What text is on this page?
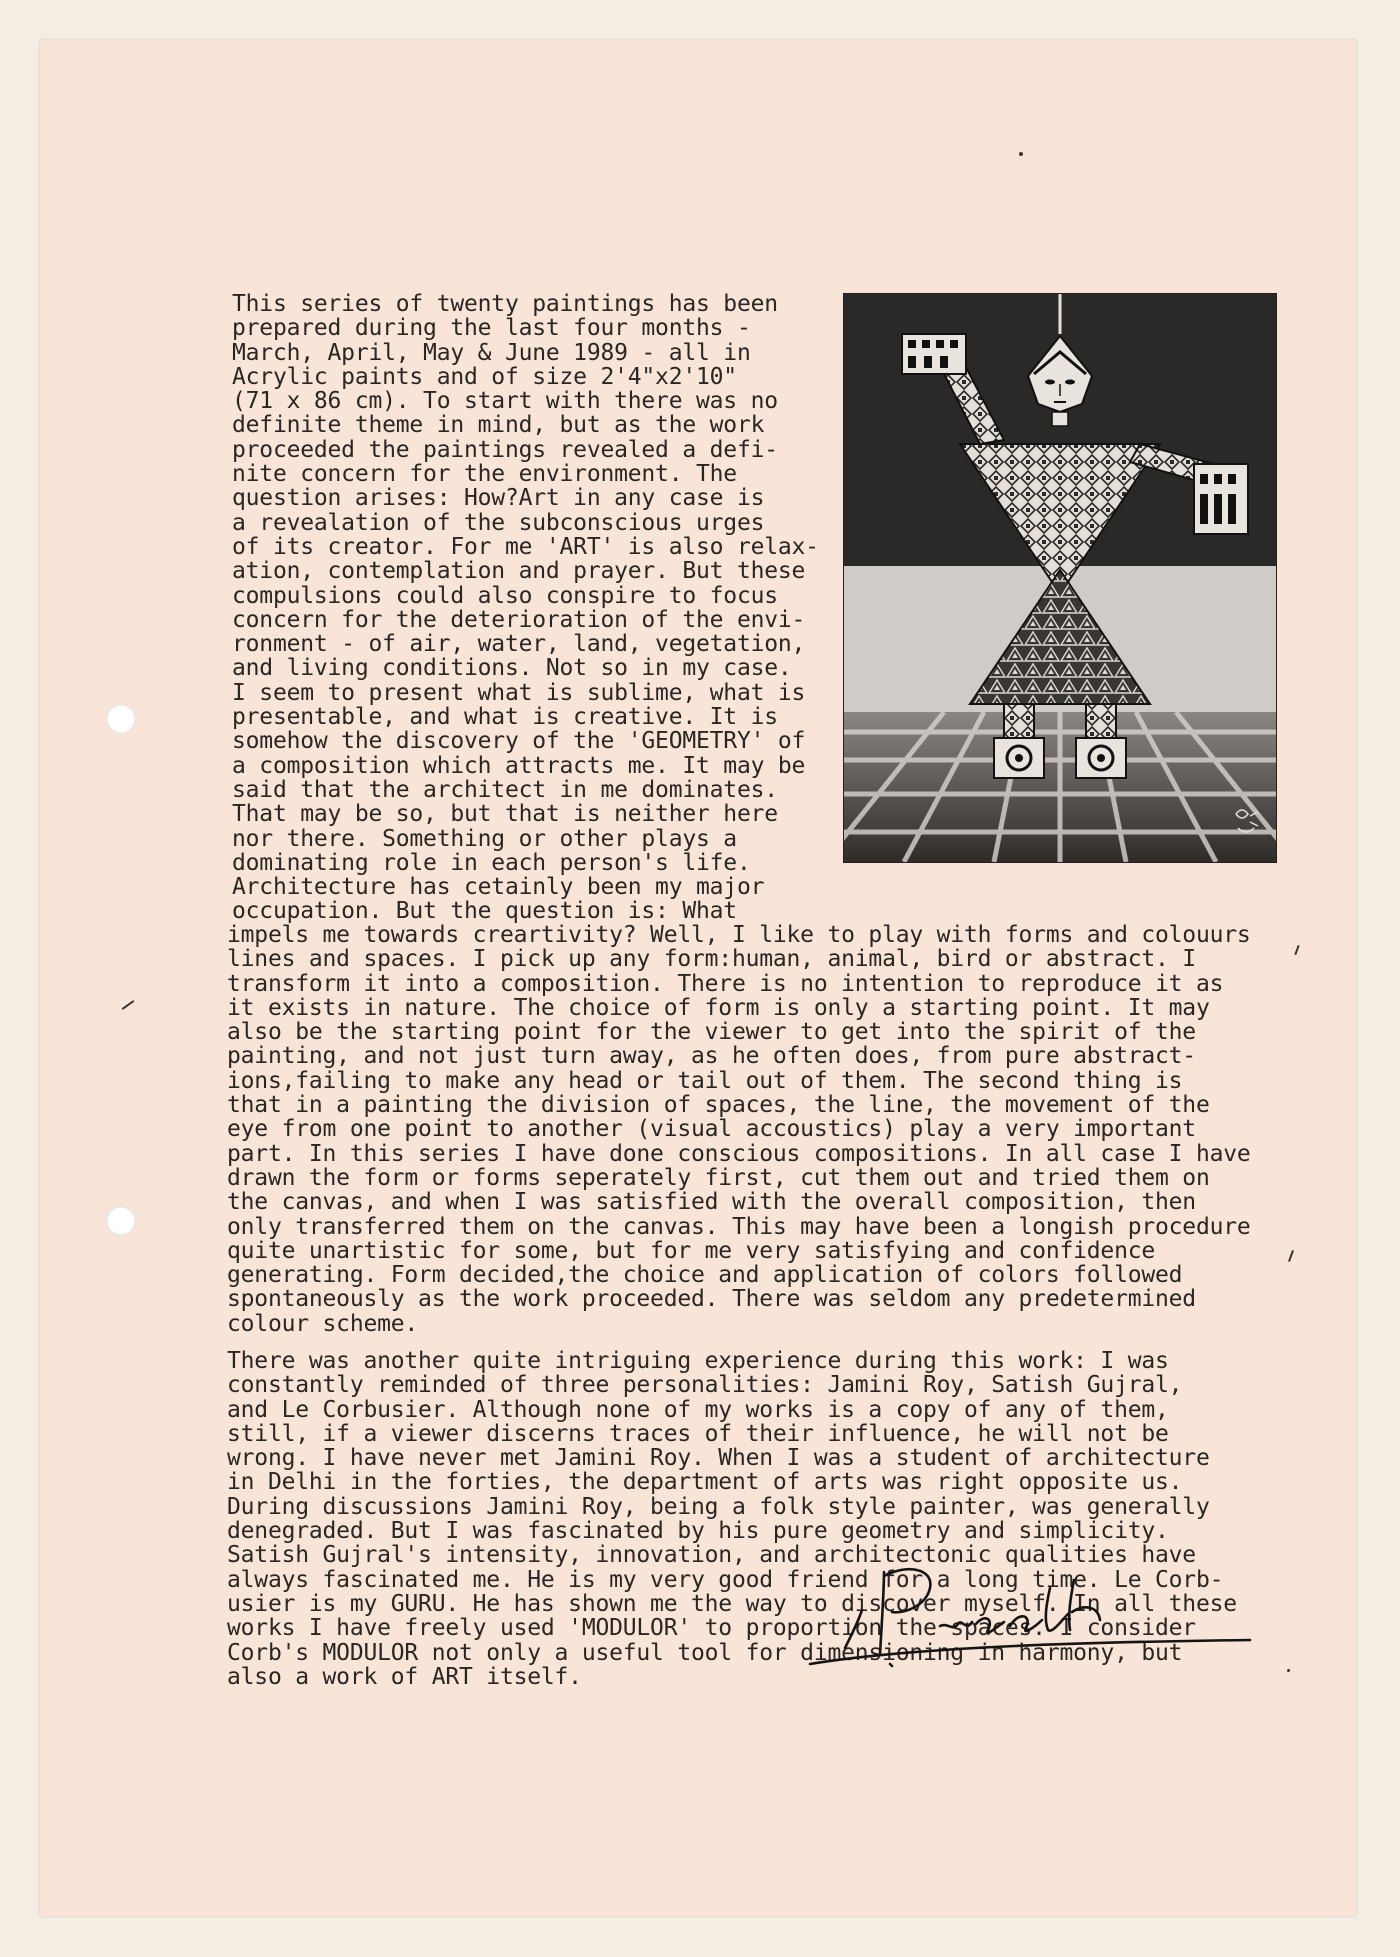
This series of twenty paintings has been
prepared during the last four months -
March, April, May & June 1989 - all in
Acrylic paints and of size 2'4"x2'10"
(71 x 86 cm). To start with there was no
definite theme in mind, but as the work
proceeded the paintings revealed a defi-
nite concern for the environment. The
question arises: How?Art in any case is
a revealation of the subconscious urges
of its creator. For me 'ART' is also relax-
ation, contemplation and prayer. But these
compulsions could also conspire to focus
concern for the deterioration of the envi-
ronment - of air, water, land, vegetation,
and living conditions. Not so in my case.
I seem to present what is sublime, what is
presentable, and what is creative. It is
somehow the discovery of the 'GEOMETRY' of
a composition which attracts me. It may be
said that the architect in me dominates.
That may be so, but that is neither here
nor there. Something or other plays a
dominating role in each person's life.
Architecture has cetainly been my major
occupation. But the question is: What
impels me towards creartivity? Well, I like to play with forms and colouurs
lines and spaces. I pick up any form:human, animal, bird or abstract. I
transform it into a composition. There is no intention to reproduce it as
it exists in nature. The choice of form is only a starting point. It may
also be the starting point for the viewer to get into the spirit of the
painting, and not just turn away, as he often does, from pure abstract-
ions,failing to make any head or tail out of them. The second thing is
that in a painting the division of spaces, the line, the movement of the
eye from one point to another (visual accoustics) play a very important
part. In this series I have done conscious compositions. In all case I have
drawn the form or forms seperately first, cut them out and tried them on
the canvas, and when I was satisfied with the overall composition, then
only transferred them on the canvas. This may have been a longish procedure
quite unartistic for some, but for me very satisfying and confidence
generating. Form decided,the choice and application of colors followed
spontaneously as the work proceeded. There was seldom any predetermined
colour scheme.
There was another quite intriguing experience during this work: I was
constantly reminded of three personalities: Jamini Roy, Satish Gujral,
and Le Corbusier. Although none of my works is a copy of any of them,
still, if a viewer discerns traces of their influence, he will not be
wrong. I have never met Jamini Roy. When I was a student of architecture
in Delhi in the forties, the department of arts was right opposite us.
During discussions Jamini Roy, being a folk style painter, was generally
denegraded. But I was fascinated by his pure geometry and simplicity.
Satish Gujral's intensity, innovation, and architectonic qualities have
always fascinated me. He is my very good friend for a long time. Le Corb-
usier is my GURU. He has shown me the way to discover myself. In all these
works I have freely used 'MODULOR' to proportion the spaces. I consider
Corb's MODULOR not only a useful tool for dimensioning in harmony, but
also a work of ART itself.
